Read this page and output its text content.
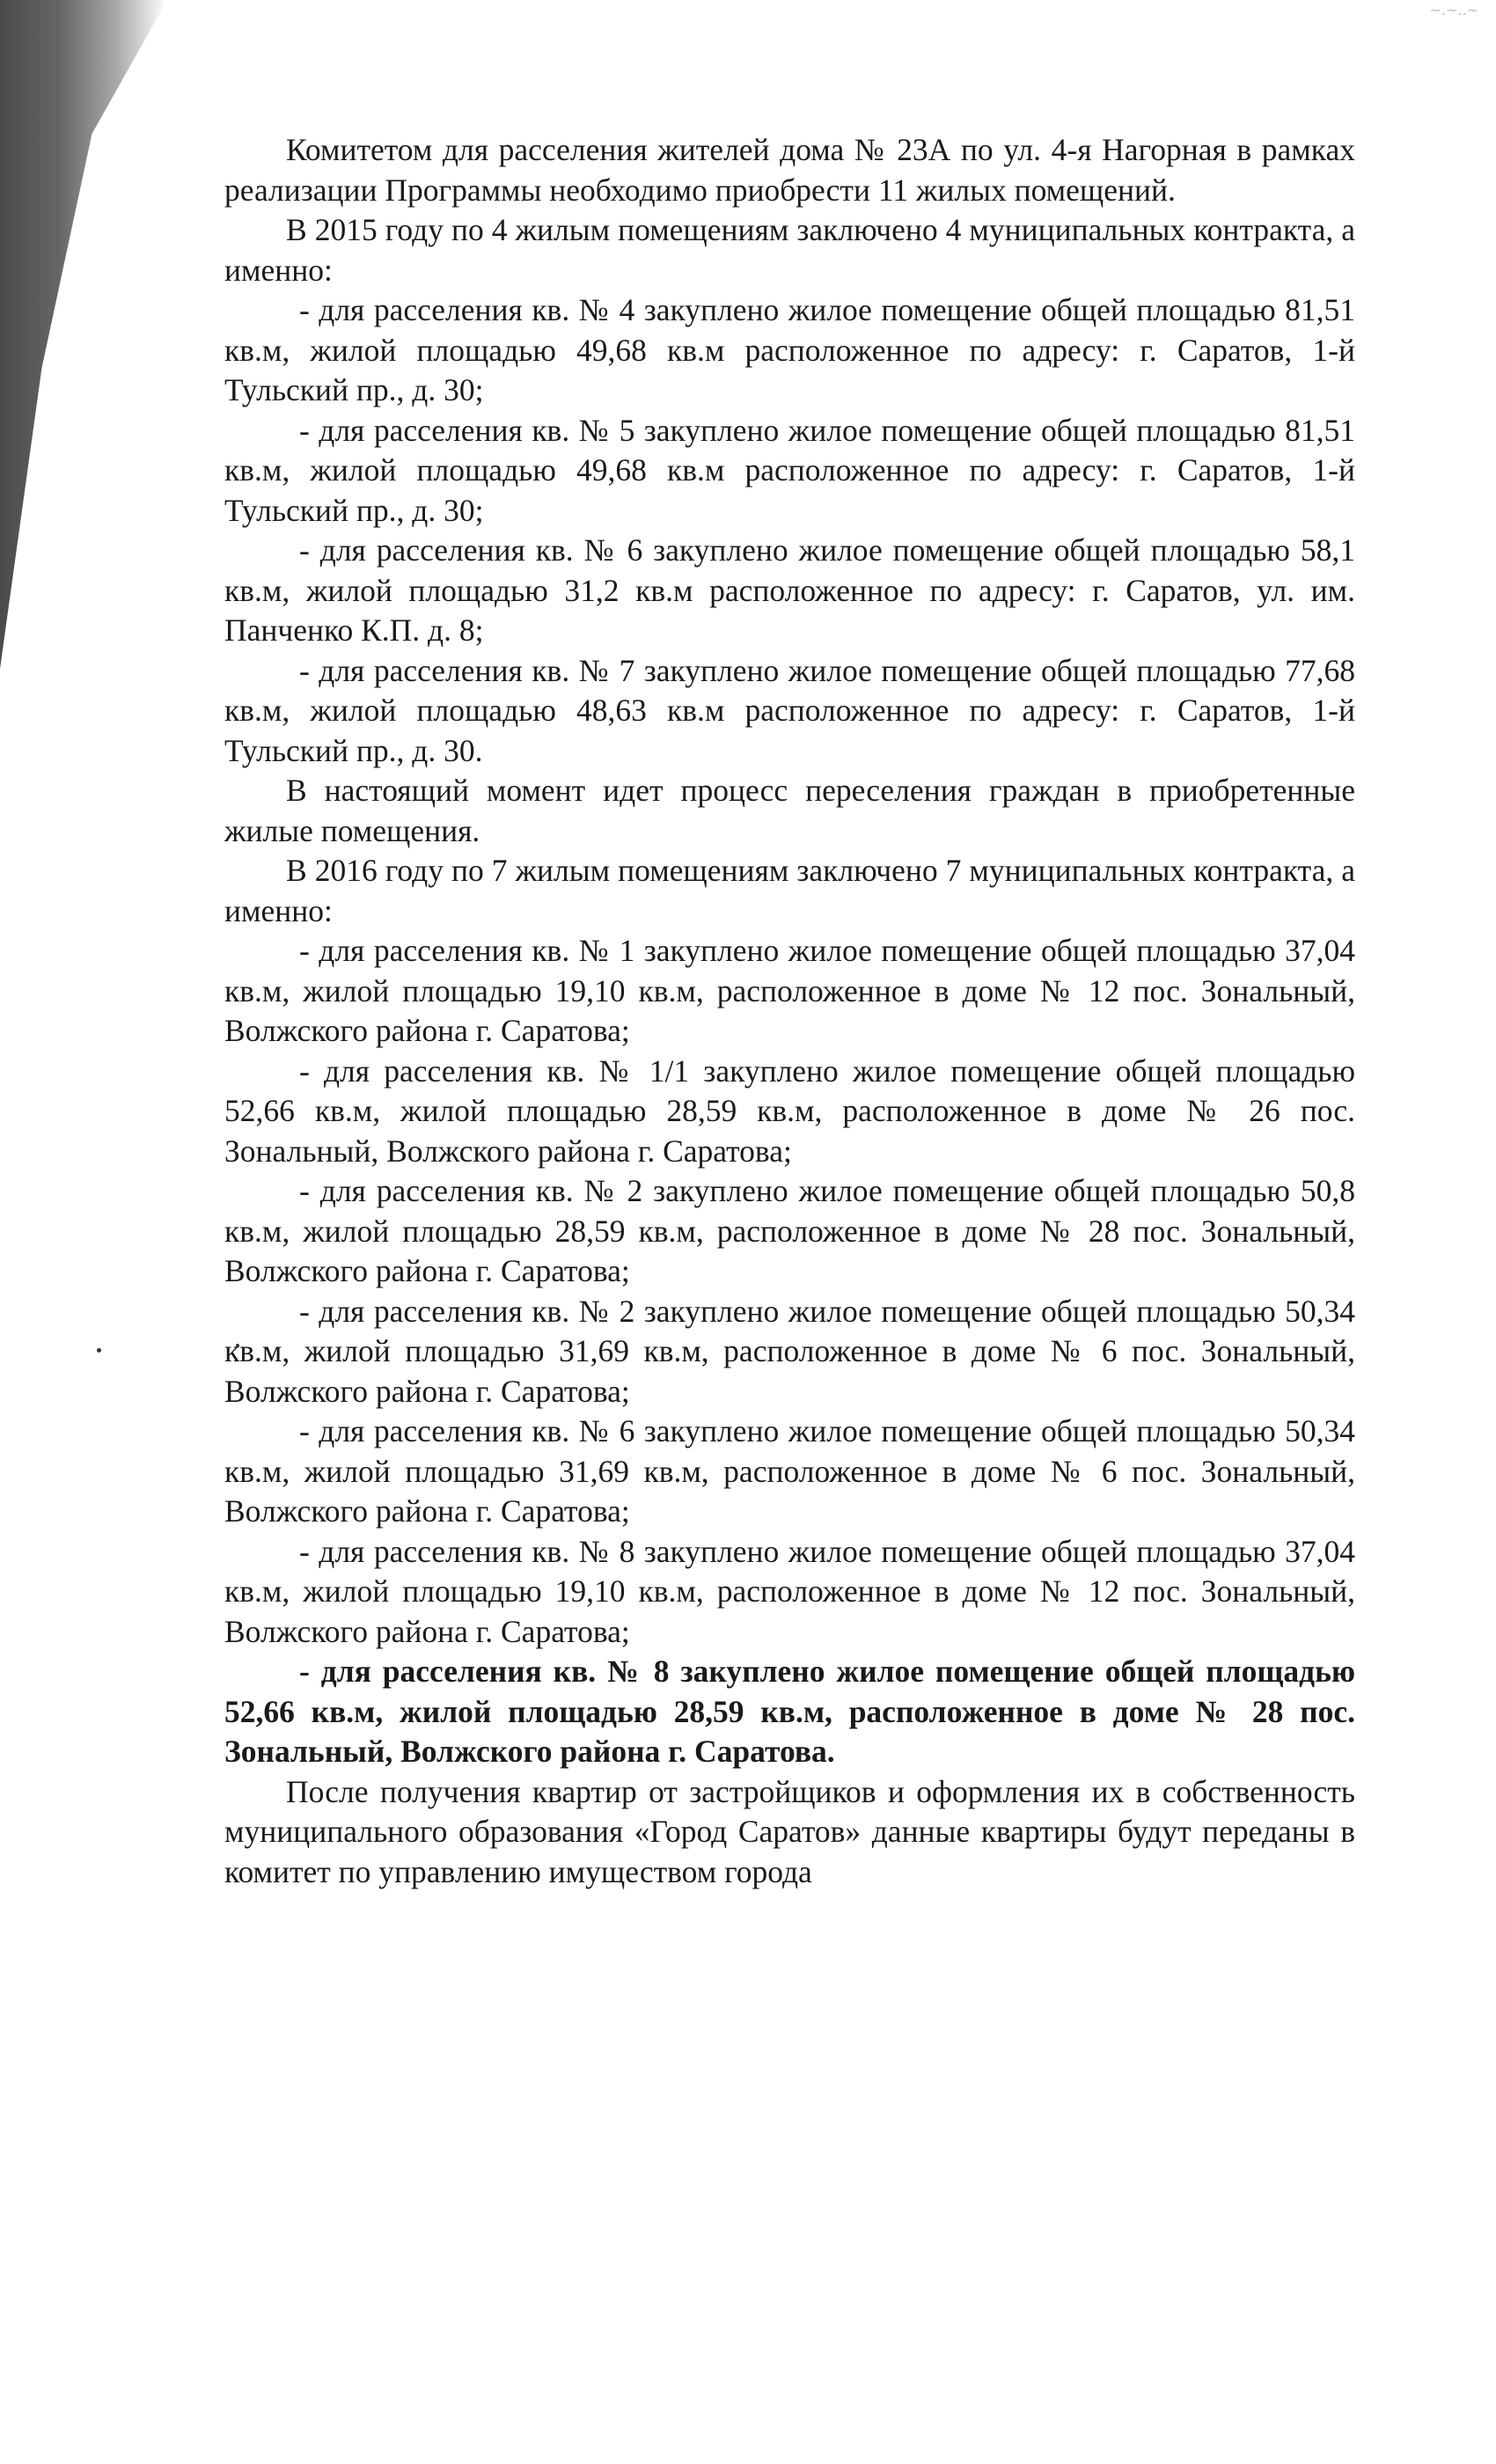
~.~..~

Комитетом для расселения жителей дома № 23А по ул. 4-я Нагорная в рамках реализации Программы необходимо приобрести 11 жилых помещений.

В 2015 году по 4 жилым помещениям заключено 4 муниципальных контракта, а именно:

- для расселения кв. № 4 закуплено жилое помещение общей площадью 81,51 кв.м, жилой площадью 49,68 кв.м расположенное по адресу: г. Саратов, 1-й Тульский пр., д. 30;

- для расселения кв. № 5 закуплено жилое помещение общей площадью 81,51 кв.м, жилой площадью 49,68 кв.м расположенное по адресу: г. Саратов, 1-й Тульский пр., д. 30;

- для расселения кв. № 6 закуплено жилое помещение общей площадью 58,1 кв.м, жилой площадью 31,2 кв.м расположенное по адресу: г. Саратов, ул. им. Панченко К.П. д. 8;

- для расселения кв. № 7 закуплено жилое помещение общей площадью 77,68 кв.м, жилой площадью 48,63 кв.м расположенное по адресу: г. Саратов, 1-й Тульский пр., д. 30.

В настоящий момент идет процесс переселения граждан в приобретенные жилые помещения.

В 2016 году по 7 жилым помещениям заключено 7 муниципальных контракта, а именно:

- для расселения кв. № 1 закуплено жилое помещение общей площадью 37,04 кв.м, жилой площадью 19,10 кв.м, расположенное в доме № 12 пос. Зональный, Волжского района г. Саратова;

- для расселения кв. № 1/1 закуплено жилое помещение общей площадью 52,66 кв.м, жилой площадью 28,59 кв.м, расположенное в доме № 26 пос. Зональный, Волжского района г. Саратова;

- для расселения кв. № 2 закуплено жилое помещение общей площадью 50,8 кв.м, жилой площадью 28,59 кв.м, расположенное в доме № 28 пос. Зональный, Волжского района г. Саратова;

- для расселения кв. № 2 закуплено жилое помещение общей площадью 50,34 кв.м, жилой площадью 31,69 кв.м, расположенное в доме № 6 пос. Зональный, Волжского района г. Саратова;

- для расселения кв. № 6 закуплено жилое помещение общей площадью 50,34 кв.м, жилой площадью 31,69 кв.м, расположенное в доме № 6 пос. Зональный, Волжского района г. Саратова;

- для расселения кв. № 8 закуплено жилое помещение общей площадью 37,04 кв.м, жилой площадью 19,10 кв.м, расположенное в доме № 12 пос. Зональный, Волжского района г. Саратова;

- для расселения кв. № 8 закуплено жилое помещение общей площадью 52,66 кв.м, жилой площадью 28,59 кв.м, расположенное в доме № 28 пос. Зональный, Волжского района г. Саратова.

После получения квартир от застройщиков и оформления их в собственность муниципального образования «Город Саратов» данные квартиры будут переданы в комитет по управлению имуществом города
